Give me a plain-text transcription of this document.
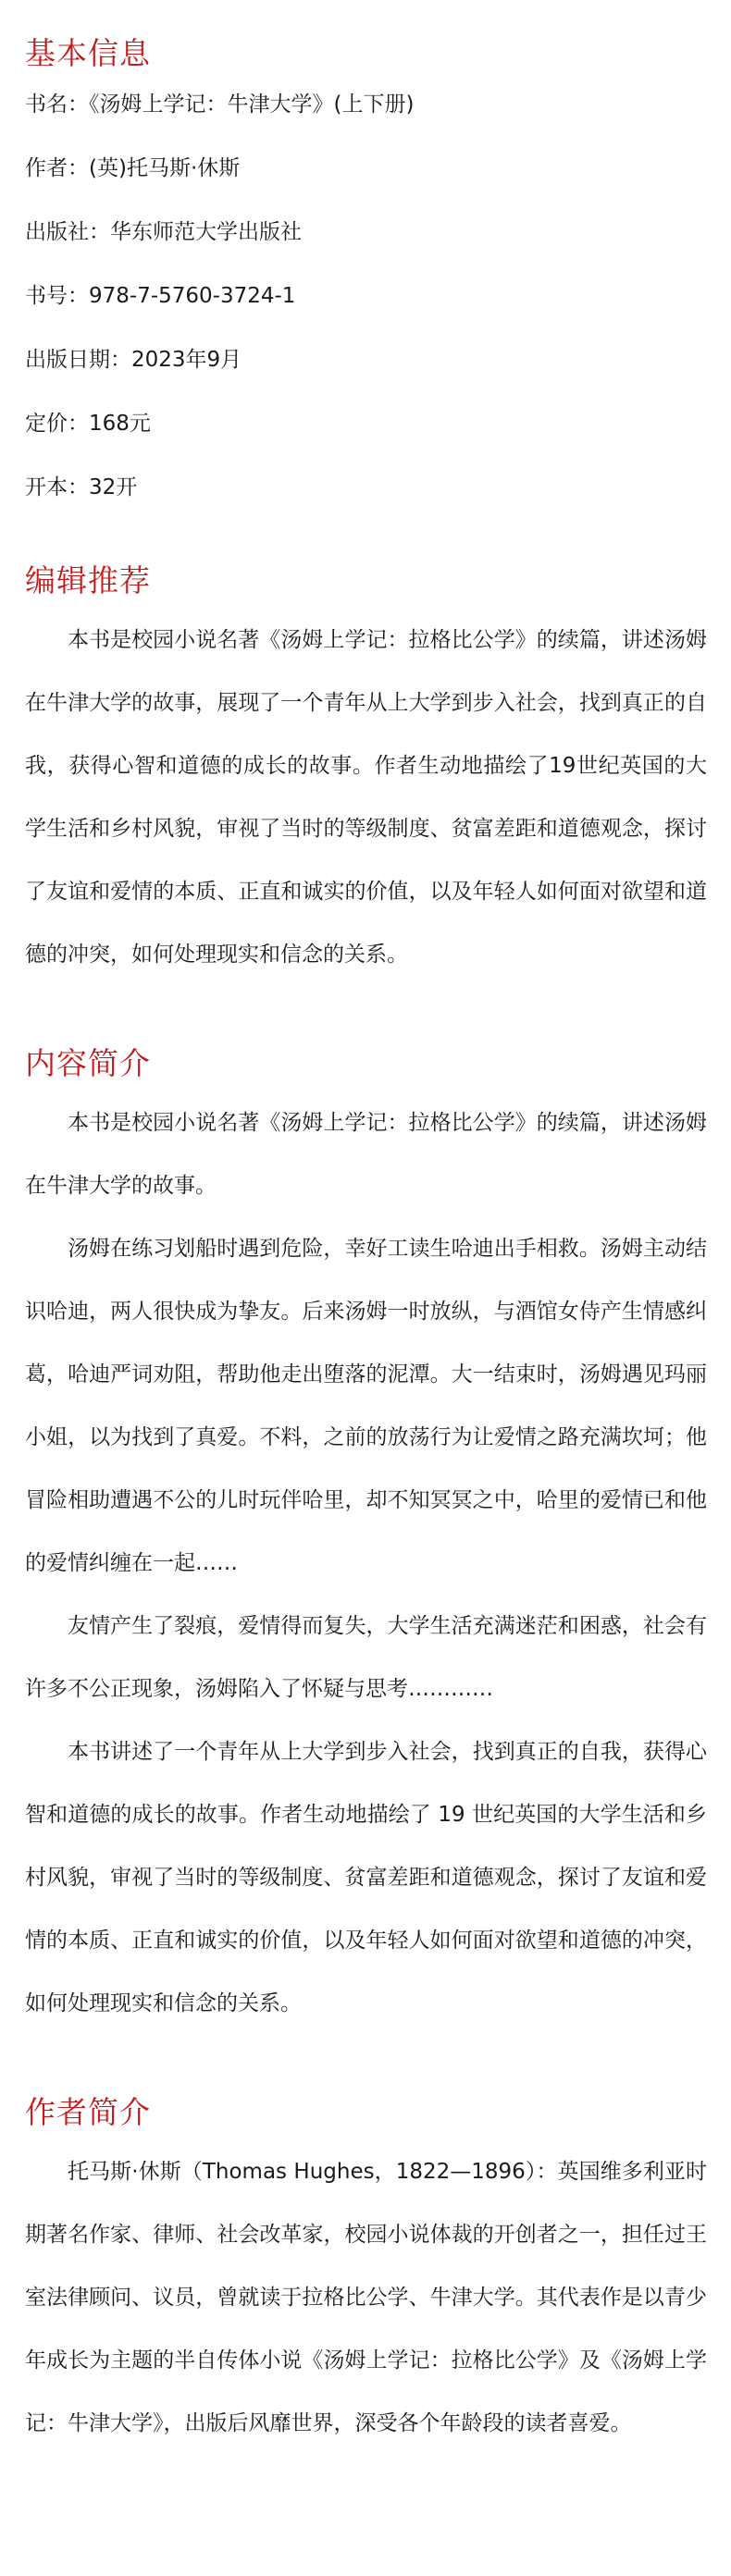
基本信息
书名：《汤姆上学记：牛津大学》(上下册)
作者：(英)托马斯·休斯
出版社：华东师范大学出版社
书号：978-7-5760-3724-1
出版日期：2023年9月
定价：168元
开本：32开
编辑推荐

本书是校园小说名著《汤姆上学记：拉格比公学》的续篇，讲述汤姆在牛津大学的故事，展现了一个青年从上大学到步入社会，找到真正的自我，获得心智和道德的成长的故事。作者生动地描绘了19世纪英国的大学生活和乡村风貌，审视了当时的等级制度、贫富差距和道德观念，探讨了友谊和爱情的本质、正直和诚实的价值，以及年轻人如何面对欲望和道德的冲突，如何处理现实和信念的关系。

内容简介

本书是校园小说名著《汤姆上学记：拉格比公学》的续篇，讲述汤姆在牛津大学的故事。

汤姆在练习划船时遇到危险，幸好工读生哈迪出手相救。汤姆主动结识哈迪，两人很快成为挚友。后来汤姆一时放纵，与酒馆女侍产生情感纠葛，哈迪严词劝阻，帮助他走出堕落的泥潭。大一结束时，汤姆遇见玛丽小姐，以为找到了真爱。不料，之前的放荡行为让爱情之路充满坎坷；他冒险相助遭遇不公的儿时玩伴哈里，却不知冥冥之中，哈里的爱情已和他的爱情纠缠在一起……

友情产生了裂痕，爱情得而复失，大学生活充满迷茫和困惑，社会有许多不公正现象，汤姆陷入了怀疑与思考…………

本书讲述了一个青年从上大学到步入社会，找到真正的自我，获得心智和道德的成长的故事。作者生动地描绘了 19 世纪英国的大学生活和乡村风貌，审视了当时的等级制度、贫富差距和道德观念，探讨了友谊和爱情的本质、正直和诚实的价值，以及年轻人如何面对欲望和道德的冲突，如何处理现实和信念的关系。

作者简介

托马斯·休斯（Thomas Hughes，1822—1896）：英国维多利亚时期著名作家、律师、社会改革家，校园小说体裁的开创者之一，担任过王室法律顾问、议员，曾就读于拉格比公学、牛津大学。其代表作是以青少年成长为主题的半自传体小说《汤姆上学记：拉格比公学》及《汤姆上学记：牛津大学》，出版后风靡世界，深受各个年龄段的读者喜爱。
